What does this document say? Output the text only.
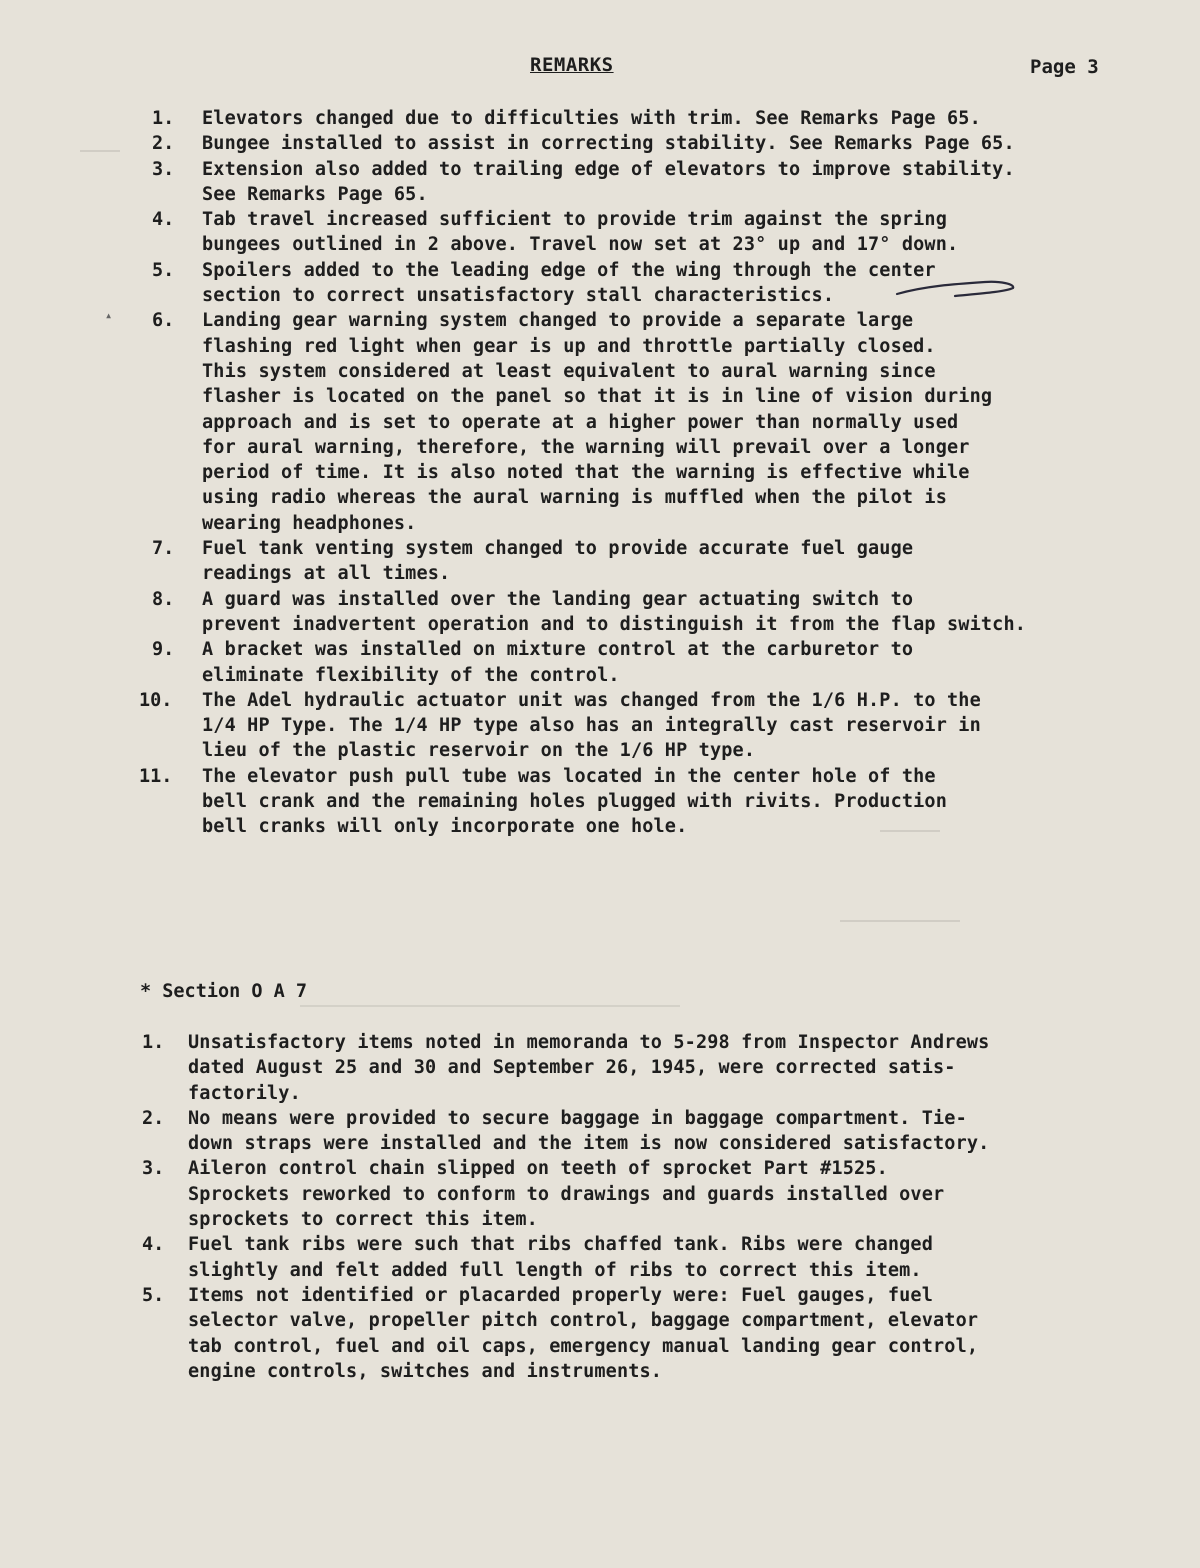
REMARKS	Page 3
▴
1.	Elevators changed due to difficulties with trim. See Remarks Page 65.
2.	Bungee installed to assist in correcting stability. See Remarks Page 65.
3.	Extension also added to trailing edge of elevators to improve stability.
See Remarks Page 65.
4.	Tab travel increased sufficient to provide trim against the spring
bungees outlined in 2 above. Travel now set at 23° up and 17° down.
5.	Spoilers added to the leading edge of the wing through the center
section to correct unsatisfactory stall characteristics.
6.	Landing gear warning system changed to provide a separate large
flashing red light when gear is up and throttle partially closed.
This system considered at least equivalent to aural warning since
flasher is located on the panel so that it is in line of vision during
approach and is set to operate at a higher power than normally used
for aural warning, therefore, the warning will prevail over a longer
period of time. It is also noted that the warning is effective while
using radio whereas the aural warning is muffled when the pilot is
wearing headphones.
7.	Fuel tank venting system changed to provide accurate fuel gauge
readings at all times.
8.	A guard was installed over the landing gear actuating switch to
prevent inadvertent operation and to distinguish it from the flap switch.
9.	A bracket was installed on mixture control at the carburetor to
eliminate flexibility of the control.
10.	The Adel hydraulic actuator unit was changed from the 1/6 H.P. to the
1/4 HP Type. The 1/4 HP type also has an integrally cast reservoir in
lieu of the plastic reservoir on the 1/6 HP type.
11.	The elevator push pull tube was located in the center hole of the
bell crank and the remaining holes plugged with rivits. Production
bell cranks will only incorporate one hole.
* Section O A 7
1.	Unsatisfactory items noted in memoranda to 5-298 from Inspector Andrews
dated August 25 and 30 and September 26, 1945, were corrected satis-
factorily.
2.	No means were provided to secure baggage in baggage compartment. Tie-
down straps were installed and the item is now considered satisfactory.
3.	Aileron control chain slipped on teeth of sprocket Part #1525.
Sprockets reworked to conform to drawings and guards installed over
sprockets to correct this item.
4.	Fuel tank ribs were such that ribs chaffed tank. Ribs were changed
slightly and felt added full length of ribs to correct this item.
5.	Items not identified or placarded properly were: Fuel gauges, fuel
selector valve, propeller pitch control, baggage compartment, elevator
tab control, fuel and oil caps, emergency manual landing gear control,
engine controls, switches and instruments.
